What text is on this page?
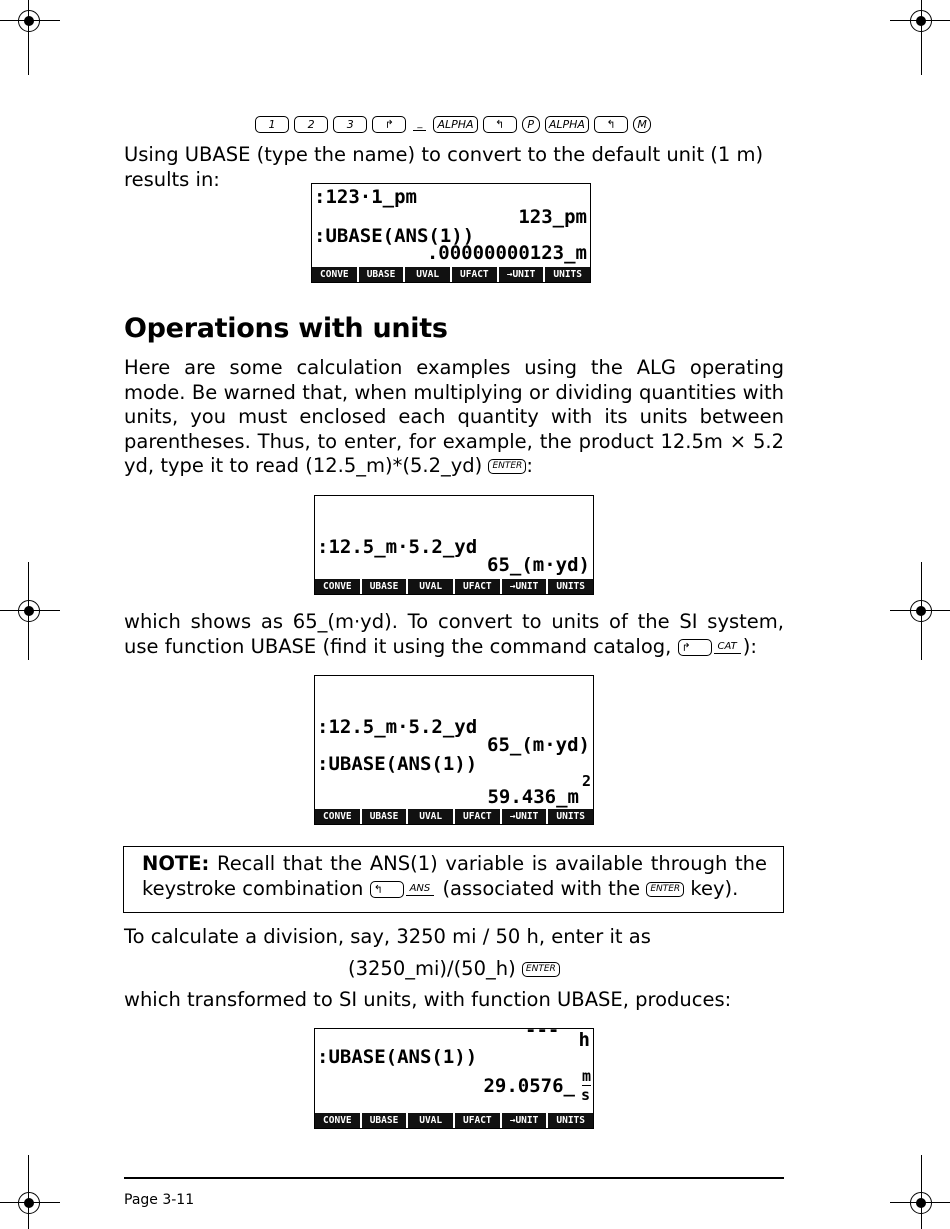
1	2	3	↱ _ ALPHA ↰ P ALPHA ↰ M
Using UBASE (type the name) to convert to the default unit (1 m) results in:
:123·1_pm
123_pm
:UBASE(ANS(1))
.00000000123_m
CONVE	UBASE	UVAL	UFACT	→UNIT	UNITS
Operations with units
Here are some calculation examples using the ALG operating mode. Be warned that, when multiplying or dividing quantities with units, you must enclosed each quantity with its units between parentheses. Thus, to enter, for example, the product 12.5m × 5.2 yd, type it to read (12.5_m)*(5.2_yd) ENTER :
:12.5_m·5.2_yd
65_(m·yd)
CONVE	UBASE	UVAL	UFACT	→UNIT	UNITS
which shows as 65_(m·yd). To convert to units of the SI system, use function UBASE (find it using the command catalog, ↱	CAT ):
:12.5_m·5.2_yd
65_(m·yd)
:UBASE(ANS(1))
59.436_m
2
CONVE	UBASE	UVAL	UFACT	→UNIT	UNITS
NOTE: Recall that the ANS(1) variable is available through the keystroke combination ↰	ANS (associated with the ENTER key).
To calculate a division, say, 3250 mi / 50 h, enter it as
(3250_mi)/(50_h) ENTER
which transformed to SI units, with function UBASE, produces:
--- h
:UBASE(ANS(1))
29.0576_ m
s
CONVE	UBASE	UVAL	UFACT	→UNIT	UNITS
Page 3-11
